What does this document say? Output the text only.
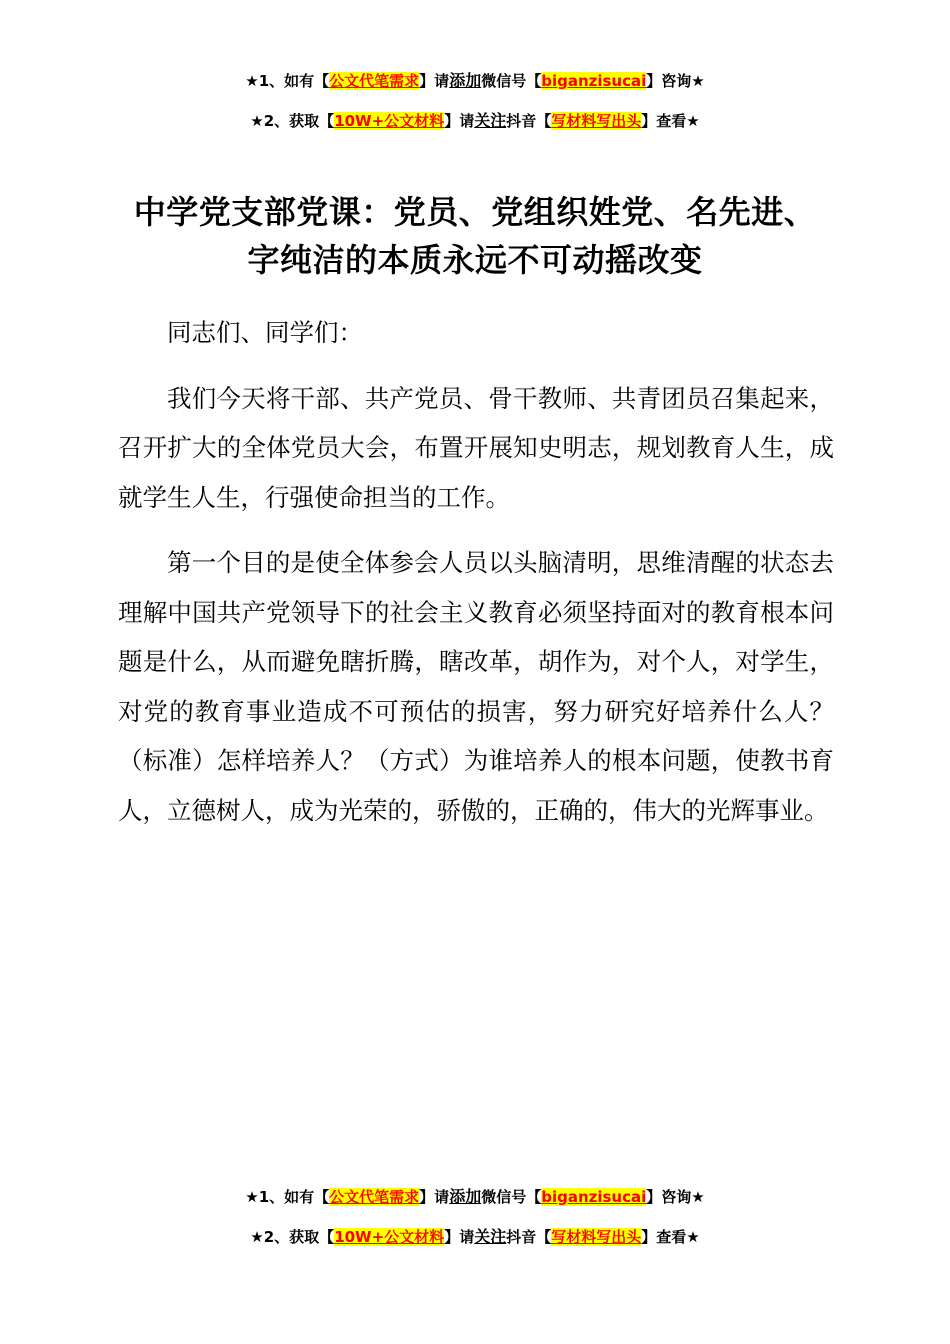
★1、如有【公文代笔需求】请添加微信号【biganzisucai】咨询★
★2、获取【10W+公文材料】请关注抖音【写材料写出头】查看★
中学党支部党课：党员、党组织姓党、名先进、
字纯洁的本质永远不可动摇改变

同志们、同学们：

我们今天将干部、共产党员、骨干教师、共青团员召集起来，召开扩大的全体党员大会，布置开展知史明志，规划教育人生，成就学生人生，行强使命担当的工作。

第一个目的是使全体参会人员以头脑清明，思维清醒的状态去理解中国共产党领导下的社会主义教育必须坚持面对的教育根本问题是什么，从而避免瞎折腾，瞎改革，胡作为，对个人，对学生，对党的教育事业造成不可预估的损害，努力研究好培养什么人？（标准）怎样培养人？（方式）为谁培养人的根本问题，使教书育人，立德树人，成为光荣的，骄傲的，正确的，伟大的光辉事业。

★1、如有【公文代笔需求】请添加微信号【biganzisucai】咨询★
★2、获取【10W+公文材料】请关注抖音【写材料写出头】查看★
